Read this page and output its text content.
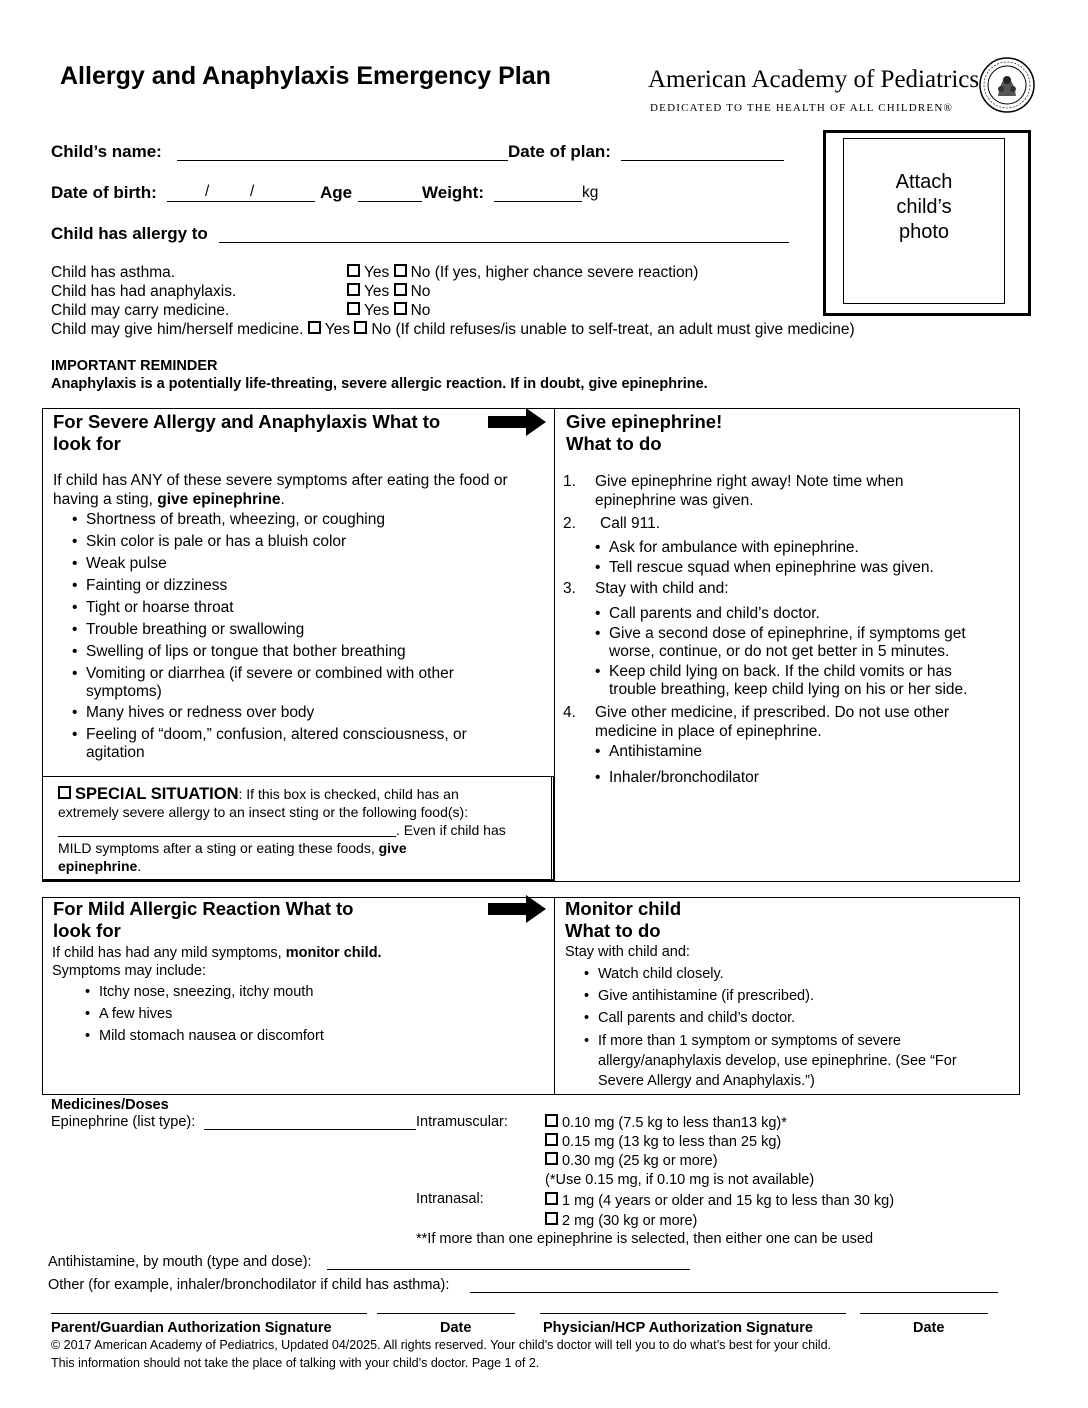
Allergy and Anaphylaxis Emergency Plan	American Academy of Pediatrics
DEDICATED TO THE HEALTH OF ALL CHILDREN®
Child’s name:	Date of plan:
Date of birth:	/	/	Age	Weight:	kg
Child has allergy to
Attach
child’s
photo
Child has asthma.	Yes No (If yes, higher chance severe reaction)
Child has had anaphylaxis.	Yes No
Child may carry medicine.	Yes No
Child may give him/herself medicine. Yes No (If child refuses/is unable to self-treat, an adult must give medicine)
IMPORTANT REMINDER
Anaphylaxis is a potentially life-threating, severe allergic reaction. If in doubt, give epinephrine.
For Severe Allergy and Anaphylaxis What to
look for
If child has ANY of these severe symptoms after eating the food or
having a sting, give epinephrine.
• Shortness of breath, wheezing, or coughing
• Skin color is pale or has a bluish color
• Weak pulse
• Fainting or dizziness
• Tight or hoarse throat
• Trouble breathing or swallowing
• Swelling of lips or tongue that bother breathing
• Vomiting or diarrhea (if severe or combined with other symptoms)
• Many hives or redness over body
• Feeling of “doom,” confusion, altered consciousness, or agitation
SPECIAL SITUATION: If this box is checked, child has an
extremely severe allergy to an insect sting or the following food(s):
. Even if child has
MILD symptoms after a sting or eating these foods, give
epinephrine.
Give epinephrine!
What to do
1. Give epinephrine right away! Note time when epinephrine was given.
2. Call 911.
• Ask for ambulance with epinephrine.
• Tell rescue squad when epinephrine was given.
3. Stay with child and:
• Call parents and child’s doctor.
• Give a second dose of epinephrine, if symptoms get worse, continue, or do not get better in 5 minutes.
• Keep child lying on back. If the child vomits or has trouble breathing, keep child lying on his or her side.
4. Give other medicine, if prescribed. Do not use other medicine in place of epinephrine.
• Antihistamine
• Inhaler/bronchodilator
For Mild Allergic Reaction What to
look for
If child has had any mild symptoms, monitor child.
Symptoms may include:
• Itchy nose, sneezing, itchy mouth
• A few hives
• Mild stomach nausea or discomfort
Monitor child
What to do
Stay with child and:
• Watch child closely.
• Give antihistamine (if prescribed).
• Call parents and child’s doctor.
• If more than 1 symptom or symptoms of severe allergy/anaphylaxis develop, use epinephrine. (See “For Severe Allergy and Anaphylaxis.”)
Medicines/Doses
Epinephrine (list type):	Intramuscular:	0.10 mg (7.5 kg to less than13 kg)*
0.15 mg (13 kg to less than 25 kg)
0.30 mg (25 kg or more)
(*Use 0.15 mg, if 0.10 mg is not available)
Intranasal:	1 mg (4 years or older and 15 kg to less than 30 kg)
2 mg (30 kg or more)
**If more than one epinephrine is selected, then either one can be used
Antihistamine, by mouth (type and dose):
Other (for example, inhaler/bronchodilator if child has asthma):
Parent/Guardian Authorization Signature	Date	Physician/HCP Authorization Signature	Date
© 2017 American Academy of Pediatrics, Updated 04/2025. All rights reserved. Your child’s doctor will tell you to do what’s best for your child.
This information should not take the place of talking with your child’s doctor. Page 1 of 2.
